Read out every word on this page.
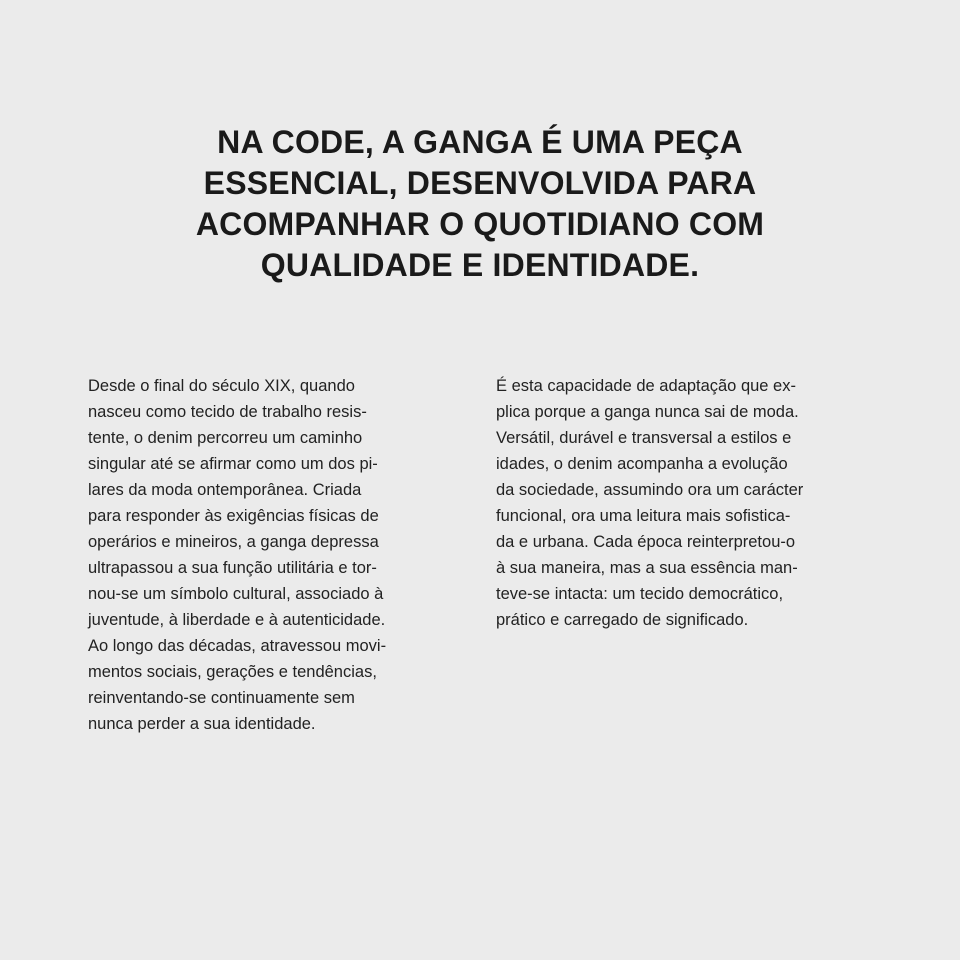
NA CODE, A GANGA É UMA PEÇA
ESSENCIAL, DESENVOLVIDA PARA
ACOMPANHAR O QUOTIDIANO COM
QUALIDADE E IDENTIDADE.
Desde o final do século XIX, quando
nasceu como tecido de trabalho resis-
tente, o denim percorreu um caminho
singular até se afirmar como um dos pi-
lares da moda ontemporânea. Criada
para responder às exigências físicas de
operários e mineiros, a ganga depressa
ultrapassou a sua função utilitária e tor-
nou-se um símbolo cultural, associado à
juventude, à liberdade e à autenticidade.
Ao longo das décadas, atravessou movi-
mentos sociais, gerações e tendências,
reinventando-se continuamente sem
nunca perder a sua identidade.
É esta capacidade de adaptação que ex-
plica porque a ganga nunca sai de moda.
Versátil, durável e transversal a estilos e
idades, o denim acompanha a evolução
da sociedade, assumindo ora um carácter
funcional, ora uma leitura mais sofistica-
da e urbana. Cada época reinterpretou-o
à sua maneira, mas a sua essência man-
teve-se intacta: um tecido democrático,
prático e carregado de significado.
